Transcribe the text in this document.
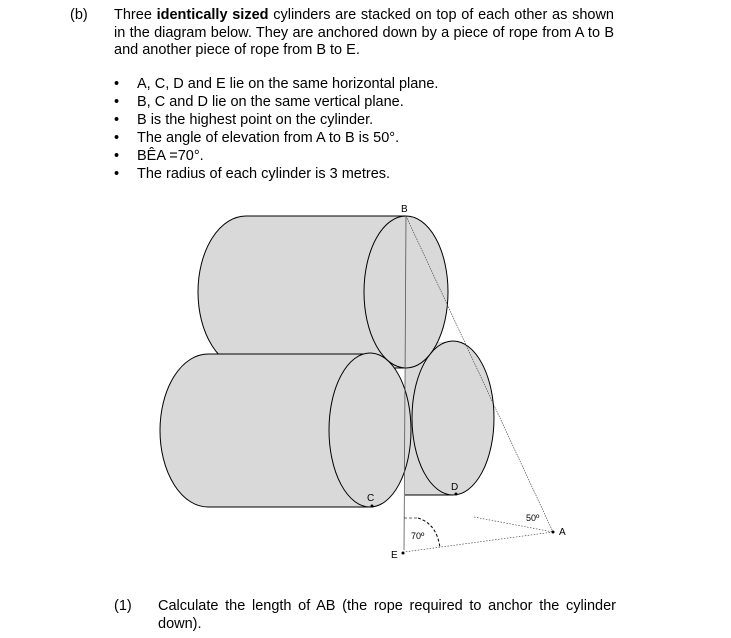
(b) Three identically sized cylinders are stacked on top of each other as shown in the diagram below. They are anchored down by a piece of rope from A to B and another piece of rope from B to E.
• A, C, D and E lie on the same horizontal plane.
• B, C and D lie on the same vertical plane.
• B is the highest point on the cylinder.
• The angle of elevation from A to B is 50°.
• BÊA =70°.
• The radius of each cylinder is 3 metres.
B
C
D
A
E
50º
70º
(1) Calculate the length of AB (the rope required to anchor the cylinder down).
